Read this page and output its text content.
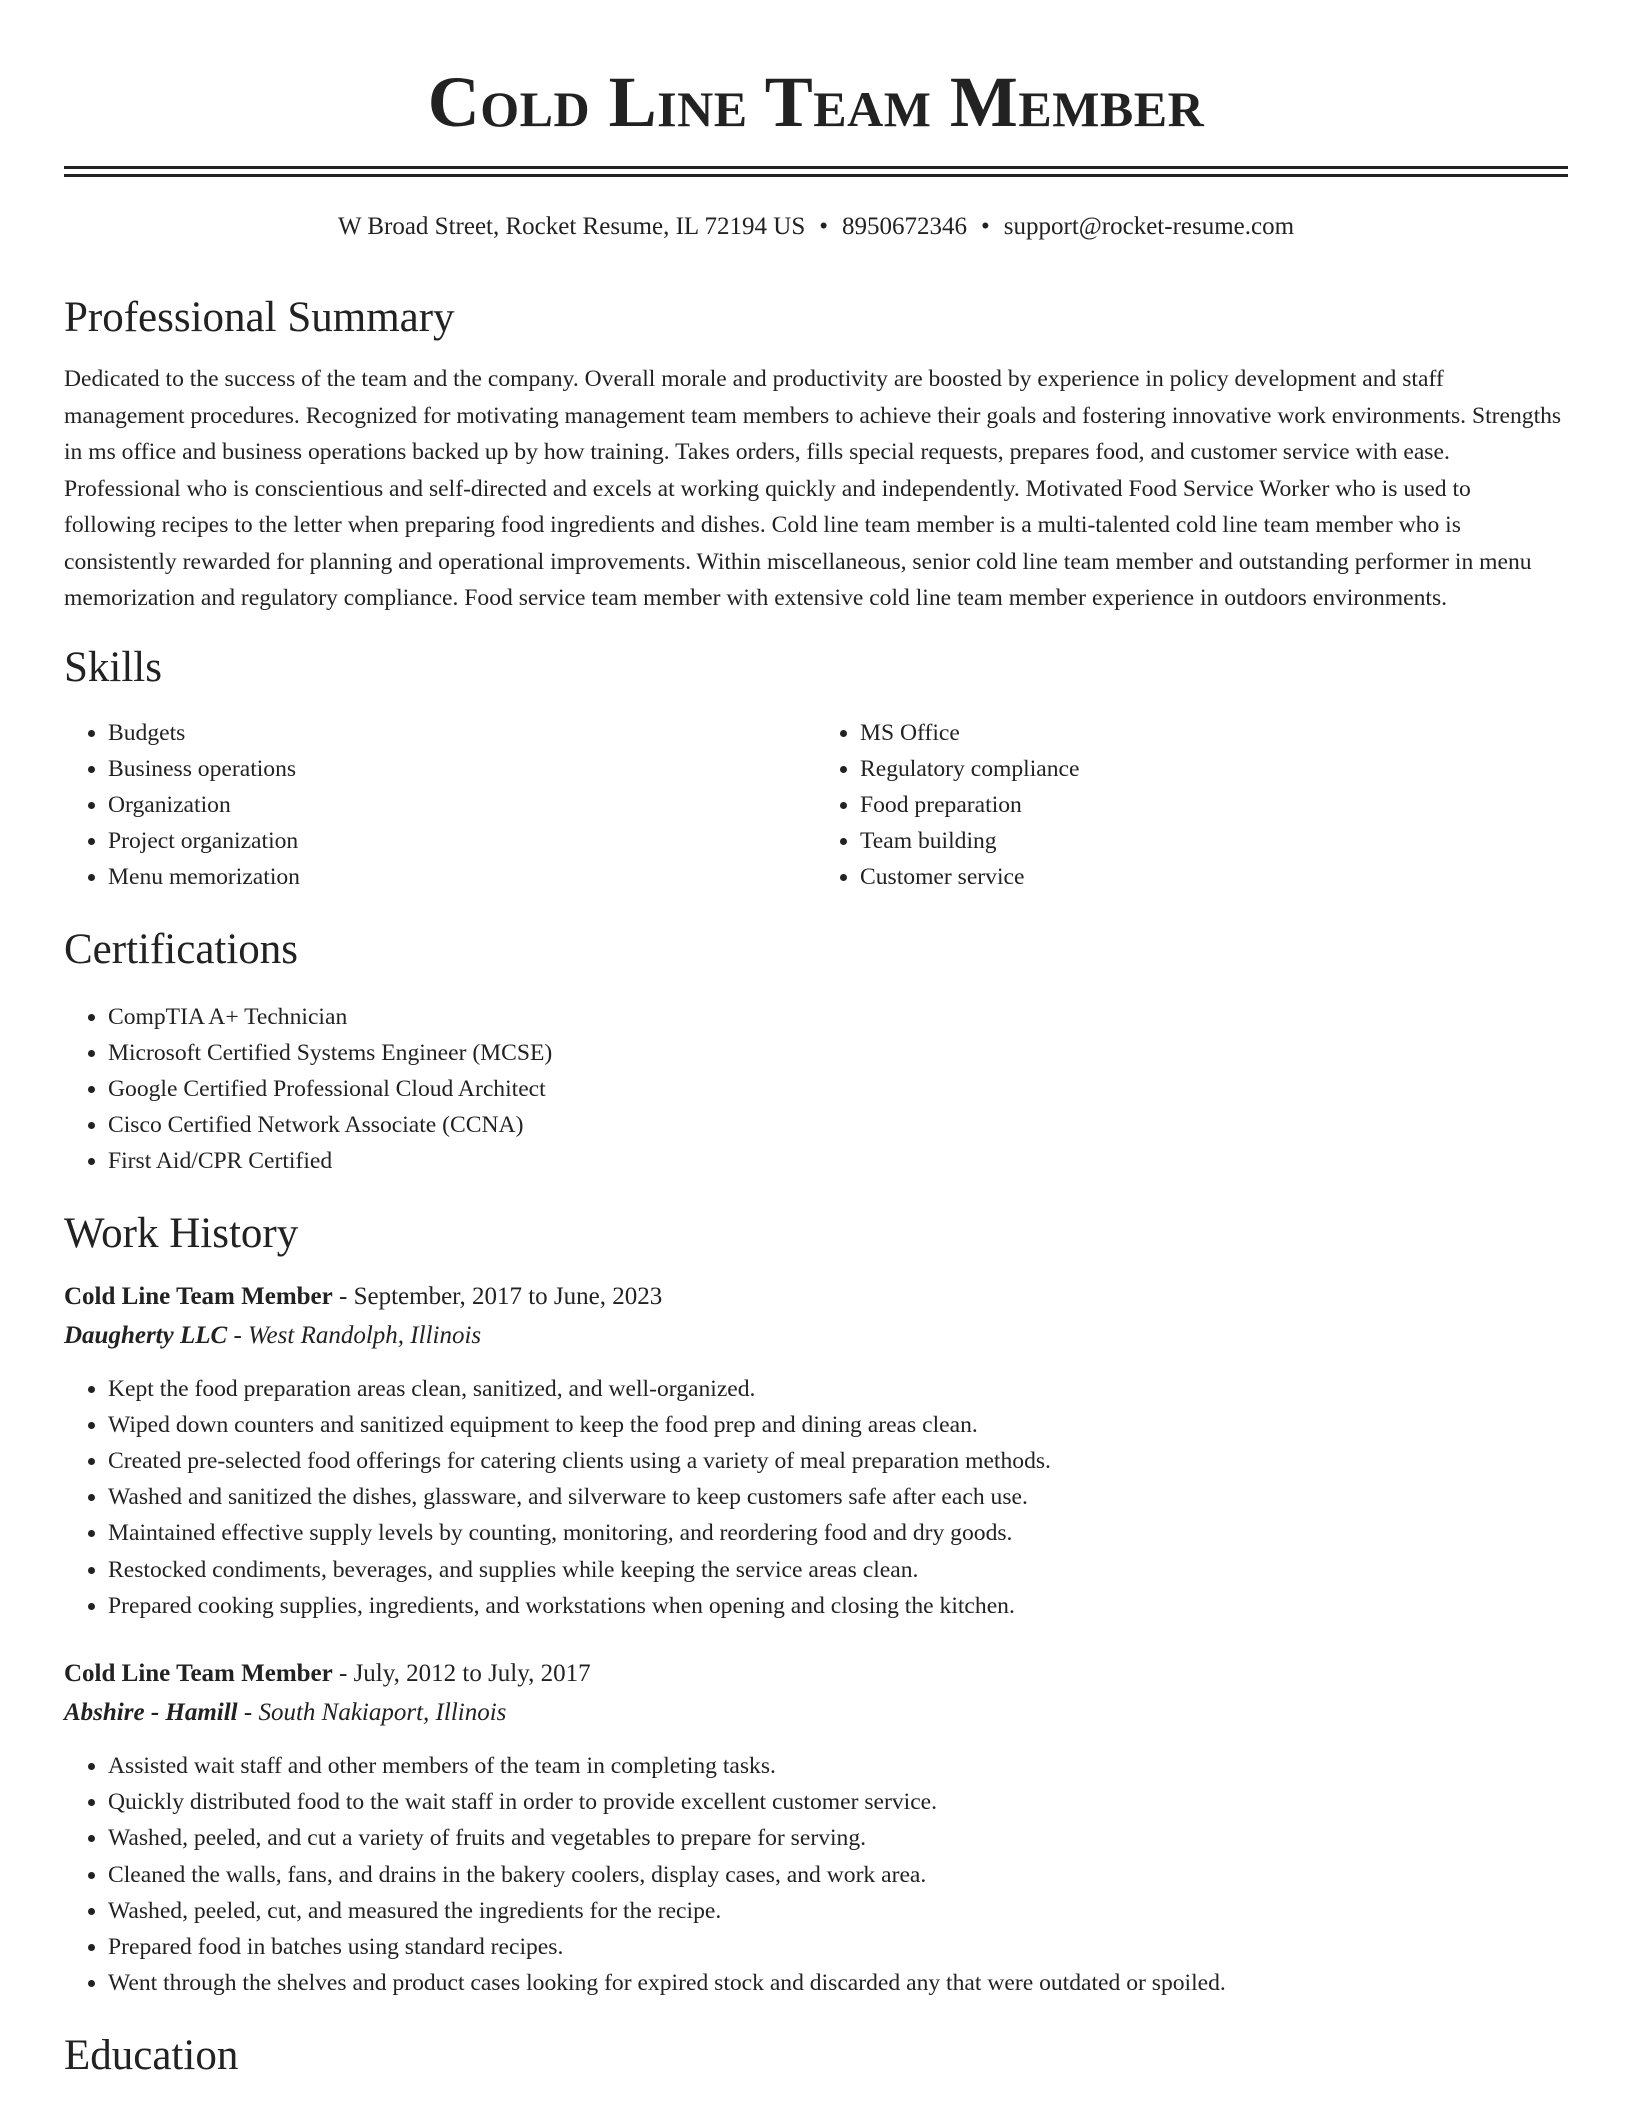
Cold Line Team Member
W Broad Street, Rocket Resume, IL 72194 US • 8950672346 • support@rocket-resume.com
Professional Summary
Dedicated to the success of the team and the company. Overall morale and productivity are boosted by experience in policy development and staff management procedures. Recognized for motivating management team members to achieve their goals and fostering innovative work environments. Strengths in ms office and business operations backed up by how training. Takes orders, fills special requests, prepares food, and customer service with ease. Professional who is conscientious and self-directed and excels at working quickly and independently. Motivated Food Service Worker who is used to following recipes to the letter when preparing food ingredients and dishes. Cold line team member is a multi-talented cold line team member who is consistently rewarded for planning and operational improvements. Within miscellaneous, senior cold line team member and outstanding performer in menu memorization and regulatory compliance. Food service team member with extensive cold line team member experience in outdoors environments.
Skills
• Budgets
• Business operations
• Organization
• Project organization
• Menu memorization
• MS Office
• Regulatory compliance
• Food preparation
• Team building
• Customer service
Certifications
• CompTIA A+ Technician
• Microsoft Certified Systems Engineer (MCSE)
• Google Certified Professional Cloud Architect
• Cisco Certified Network Associate (CCNA)
• First Aid/CPR Certified
Work History
Cold Line Team Member - September, 2017 to June, 2023
Daugherty LLC - West Randolph, Illinois
• Kept the food preparation areas clean, sanitized, and well-organized.
• Wiped down counters and sanitized equipment to keep the food prep and dining areas clean.
• Created pre-selected food offerings for catering clients using a variety of meal preparation methods.
• Washed and sanitized the dishes, glassware, and silverware to keep customers safe after each use.
• Maintained effective supply levels by counting, monitoring, and reordering food and dry goods.
• Restocked condiments, beverages, and supplies while keeping the service areas clean.
• Prepared cooking supplies, ingredients, and workstations when opening and closing the kitchen.
Cold Line Team Member - July, 2012 to July, 2017
Abshire - Hamill - South Nakiaport, Illinois
• Assisted wait staff and other members of the team in completing tasks.
• Quickly distributed food to the wait staff in order to provide excellent customer service.
• Washed, peeled, and cut a variety of fruits and vegetables to prepare for serving.
• Cleaned the walls, fans, and drains in the bakery coolers, display cases, and work area.
• Washed, peeled, cut, and measured the ingredients for the recipe.
• Prepared food in batches using standard recipes.
• Went through the shelves and product cases looking for expired stock and discarded any that were outdated or spoiled.
Education
